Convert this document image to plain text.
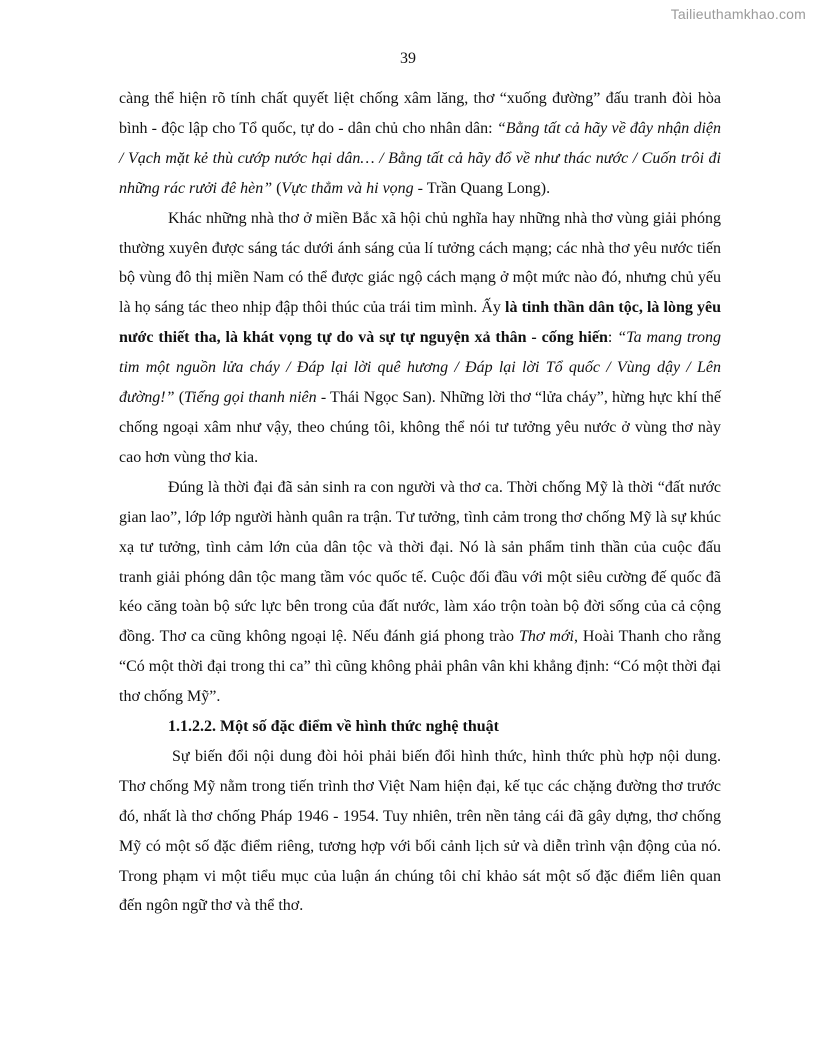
Tailieuthamkhao.com
39

càng thể hiện rõ tính chất quyết liệt chống xâm lăng, thơ “xuống đường” đấu tranh đòi hòa bình - độc lập cho Tổ quốc, tự do - dân chủ cho nhân dân: “Bằng tất cả hãy về đây nhận diện / Vạch mặt kẻ thù cướp nước hại dân… / Bằng tất cả hãy đổ về như thác nước / Cuốn trôi đi những rác rưởi đê hèn” (Vực thẳm và hi vọng - Trần Quang Long).

Khác những nhà thơ ở miền Bắc xã hội chủ nghĩa hay những nhà thơ vùng giải phóng thường xuyên được sáng tác dưới ánh sáng của lí tưởng cách mạng; các nhà thơ yêu nước tiến bộ vùng đô thị miền Nam có thể được giác ngộ cách mạng ở một mức nào đó, nhưng chủ yếu là họ sáng tác theo nhịp đập thôi thúc của trái tim mình. Ấy là tinh thần dân tộc, là lòng yêu nước thiết tha, là khát vọng tự do và sự tự nguyện xả thân - cống hiến: “Ta mang trong tim một nguồn lửa cháy / Đáp lại lời quê hương / Đáp lại lời Tổ quốc / Vùng dậy / Lên đường!” (Tiếng gọi thanh niên - Thái Ngọc San). Những lời thơ “lửa cháy”, hừng hực khí thế chống ngoại xâm như vậy, theo chúng tôi, không thể nói tư tưởng yêu nước ở vùng thơ này cao hơn vùng thơ kia.

Đúng là thời đại đã sản sinh ra con người và thơ ca. Thời chống Mỹ là thời “đất nước gian lao”, lớp lớp người hành quân ra trận. Tư tưởng, tình cảm trong thơ chống Mỹ là sự khúc xạ tư tưởng, tình cảm lớn của dân tộc và thời đại. Nó là sản phẩm tinh thần của cuộc đấu tranh giải phóng dân tộc mang tầm vóc quốc tế. Cuộc đối đầu với một siêu cường đế quốc đã kéo căng toàn bộ sức lực bên trong của đất nước, làm xáo trộn toàn bộ đời sống của cả cộng đồng. Thơ ca cũng không ngoại lệ. Nếu đánh giá phong trào Thơ mới, Hoài Thanh cho rằng “Có một thời đại trong thi ca” thì cũng không phải phân vân khi khẳng định: “Có một thời đại thơ chống Mỹ”.

1.1.2.2. Một số đặc điểm về hình thức nghệ thuật

Sự biến đổi nội dung đòi hỏi phải biến đổi hình thức, hình thức phù hợp nội dung. Thơ chống Mỹ nằm trong tiến trình thơ Việt Nam hiện đại, kế tục các chặng đường thơ trước đó, nhất là thơ chống Pháp 1946 - 1954. Tuy nhiên, trên nền tảng cái đã gây dựng, thơ chống Mỹ có một số đặc điểm riêng, tương hợp với bối cảnh lịch sử và diễn trình vận động của nó. Trong phạm vi một tiểu mục của luận án chúng tôi chỉ khảo sát một số đặc điểm liên quan đến ngôn ngữ thơ và thể thơ.
